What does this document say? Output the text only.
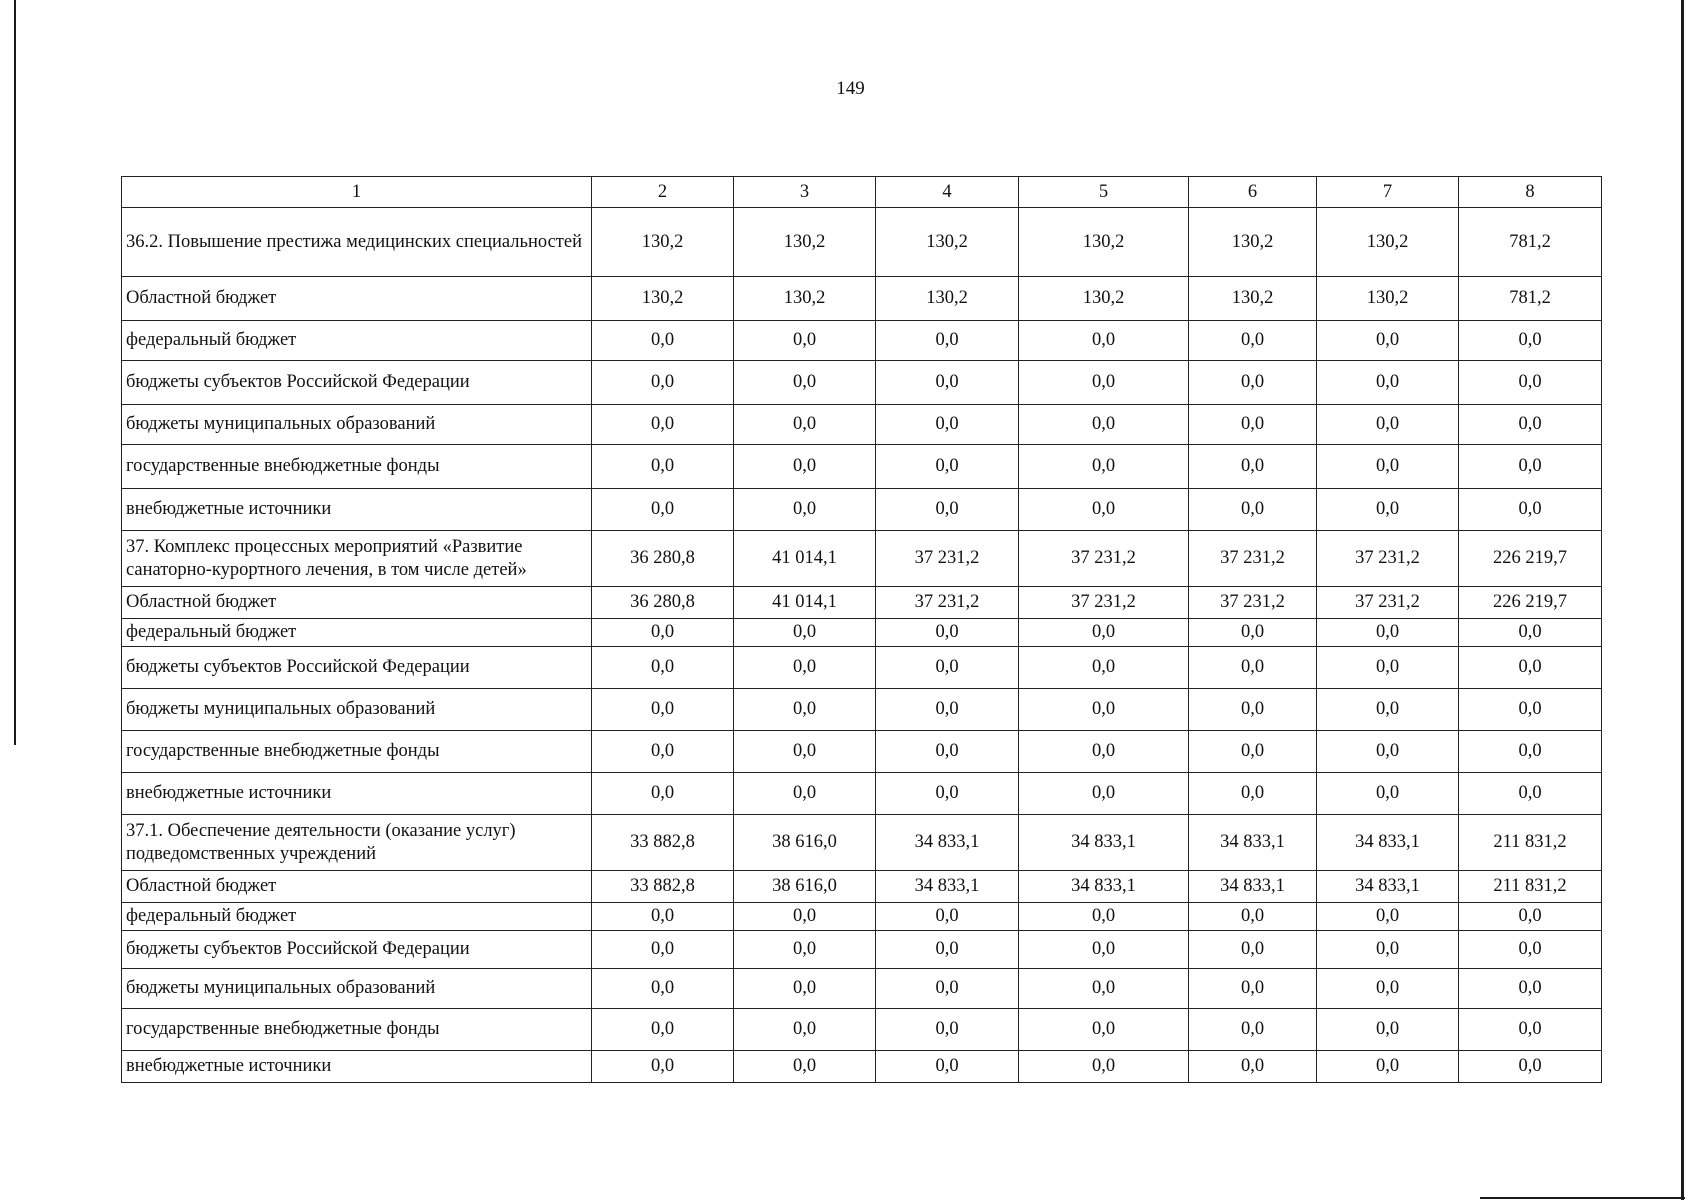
149
1	2	3	4	5	6	7	8
36.2. Повышение престижа медицинских специальностей	130,2	130,2	130,2	130,2	130,2	130,2	781,2
Областной бюджет	130,2	130,2	130,2	130,2	130,2	130,2	781,2
федеральный бюджет	0,0	0,0	0,0	0,0	0,0	0,0	0,0
бюджеты субъектов Российской Федерации	0,0	0,0	0,0	0,0	0,0	0,0	0,0
бюджеты муниципальных образований	0,0	0,0	0,0	0,0	0,0	0,0	0,0
государственные внебюджетные фонды	0,0	0,0	0,0	0,0	0,0	0,0	0,0
внебюджетные источники	0,0	0,0	0,0	0,0	0,0	0,0	0,0
37. Комплекс процессных мероприятий «Развитие санаторно-курортного лечения, в том числе детей»	36 280,8	41 014,1	37 231,2	37 231,2	37 231,2	37 231,2	226 219,7
Областной бюджет	36 280,8	41 014,1	37 231,2	37 231,2	37 231,2	37 231,2	226 219,7
федеральный бюджет	0,0	0,0	0,0	0,0	0,0	0,0	0,0
бюджеты субъектов Российской Федерации	0,0	0,0	0,0	0,0	0,0	0,0	0,0
бюджеты муниципальных образований	0,0	0,0	0,0	0,0	0,0	0,0	0,0
государственные внебюджетные фонды	0,0	0,0	0,0	0,0	0,0	0,0	0,0
внебюджетные источники	0,0	0,0	0,0	0,0	0,0	0,0	0,0
37.1. Обеспечение деятельности (оказание услуг) подведомственных учреждений	33 882,8	38 616,0	34 833,1	34 833,1	34 833,1	34 833,1	211 831,2
Областной бюджет	33 882,8	38 616,0	34 833,1	34 833,1	34 833,1	34 833,1	211 831,2
федеральный бюджет	0,0	0,0	0,0	0,0	0,0	0,0	0,0
бюджеты субъектов Российской Федерации	0,0	0,0	0,0	0,0	0,0	0,0	0,0
бюджеты муниципальных образований	0,0	0,0	0,0	0,0	0,0	0,0	0,0
государственные внебюджетные фонды	0,0	0,0	0,0	0,0	0,0	0,0	0,0
внебюджетные источники	0,0	0,0	0,0	0,0	0,0	0,0	0,0
